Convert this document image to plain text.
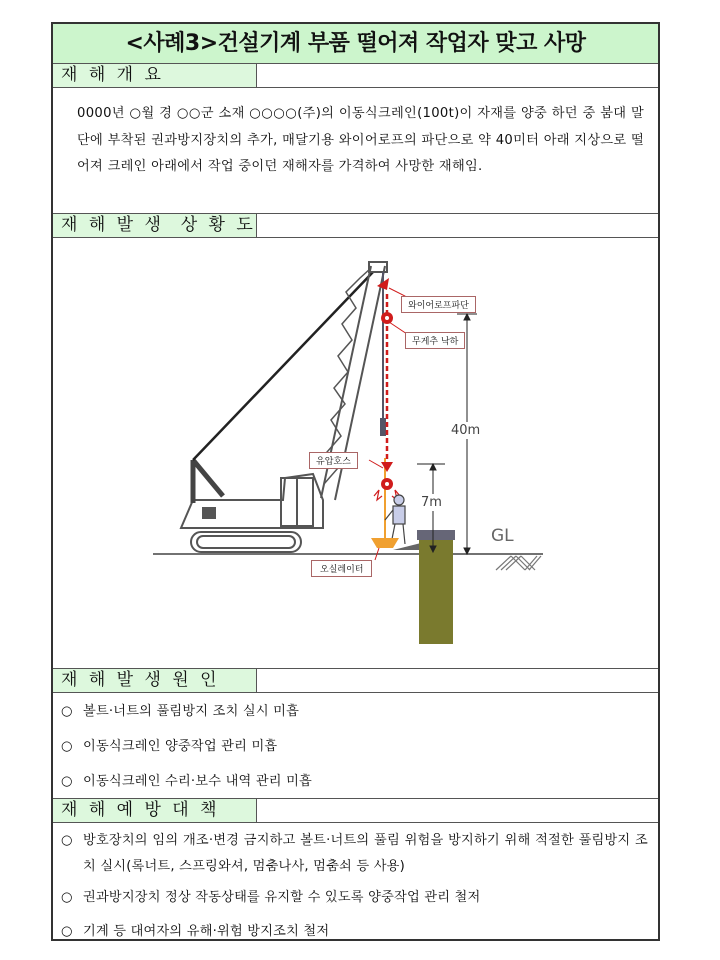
<사례3>건설기계 부품 떨어져 작업자 맞고 사망
재 해 개 요
0000년 ○월 경 ○○군 소재 ○○○○(주)의 이동식크레인(100t)이 자재를 양중 하던 중 붐대 말단에 부착된 권과방지장치의 추가, 매달기용 와이어로프의 파단으로 약 40미터 아래 지상으로 떨어져 크레인 아래에서 작업 중이던 재해자를 가격하여 사망한 재해임.
재 해 발 생  상 황 도
와이어로프파단
무게추 낙하
유압호스
오실레이터
40m
7m
GL
재 해 발 생 원 인
○ 볼트·너트의 풀림방지 조치 실시 미흡
○ 이동식크레인 양중작업 관리 미흡
○ 이동식크레인 수리·보수 내역 관리 미흡
재 해 예 방 대 책
○ 방호장치의 임의 개조·변경 금지하고 볼트·너트의 풀림 위험을 방지하기 위해 적절한 풀림방지 조치 실시(록너트, 스프링와셔, 멈춤나사, 멈춤쇠 등 사용)
○ 권과방지장치 정상 작동상태를 유지할 수 있도록 양중작업 관리 철저
○ 기계 등 대여자의 유해·위험 방지조치 철저
